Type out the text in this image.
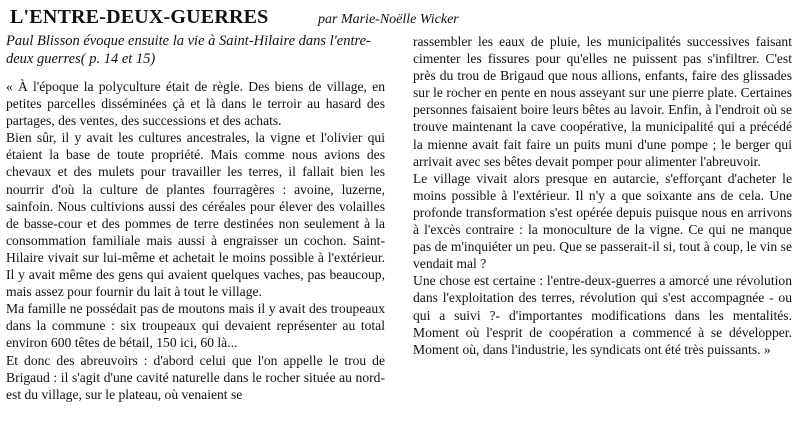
L'ENTRE-DEUX-GUERRES	par Marie-Noëlle Wicker

Paul Blisson évoque ensuite la vie à Saint-Hilaire dans l'entre-deux guerres( p. 14 et 15)

« À l'époque la polyculture était de règle. Des biens de village, en petites parcelles disséminées çà et là dans le terroir au hasard des partages, des ventes, des successions et des achats.

Bien sûr, il y avait les cultures ancestrales, la vigne et l'olivier qui étaient la base de toute propriété. Mais comme nous avions des chevaux et des mulets pour travailler les terres, il fallait bien les nourrir d'où la culture de plantes fourragères : avoine, luzerne, sainfoin. Nous cultivions aussi des céréales pour élever des volailles de basse-cour et des pommes de terre destinées non seulement à la consommation familiale mais aussi à engraisser un cochon. Saint-Hilaire vivait sur lui-même et achetait le moins possible à l'extérieur. Il y avait même des gens qui avaient quelques vaches, pas beaucoup, mais assez pour fournir du lait à tout le village.

Ma famille ne possédait pas de moutons mais il y avait des troupeaux dans la commune : six troupeaux qui devaient représenter au total environ 600 têtes de bétail, 150 ici, 60 là...

Et donc des abreuvoirs : d'abord celui que l'on appelle le trou de Brigaud : il s'agit d'une cavité naturelle dans le rocher située au nord-est du village, sur le plateau, où venaient se

rassembler les eaux de pluie, les municipalités successives faisant cimenter les fissures pour qu'elles ne puissent pas s'infiltrer. C'est près du trou de Brigaud que nous allions, enfants, faire des glissades sur le rocher en pente en nous asseyant sur une pierre plate. Certaines personnes faisaient boire leurs bêtes au lavoir. Enfin, à l'endroit où se trouve maintenant la cave coopérative, la municipalité qui a précédé la mienne avait fait faire un puits muni d'une pompe ; le berger qui arrivait avec ses bêtes devait pomper pour alimenter l'abreuvoir.

Le village vivait alors presque en autarcie, s'efforçant d'acheter le moins possible à l'extérieur. Il n'y a que soixante ans de cela. Une profonde transformation s'est opérée depuis puisque nous en arrivons à l'excès contraire : la monoculture de la vigne. Ce qui ne manque pas de m'inquiéter un peu. Que se passerait-il si, tout à coup, le vin se vendait mal ?

Une chose est certaine : l'entre-deux-guerres a amorcé une révolution dans l'exploitation des terres, révolution qui s'est accompagnée - ou qui a suivi ?- d'importantes modifications dans les mentalités. Moment où l'esprit de coopération a commencé à se développer. Moment où, dans l'industrie, les syndicats ont été très puissants. »
